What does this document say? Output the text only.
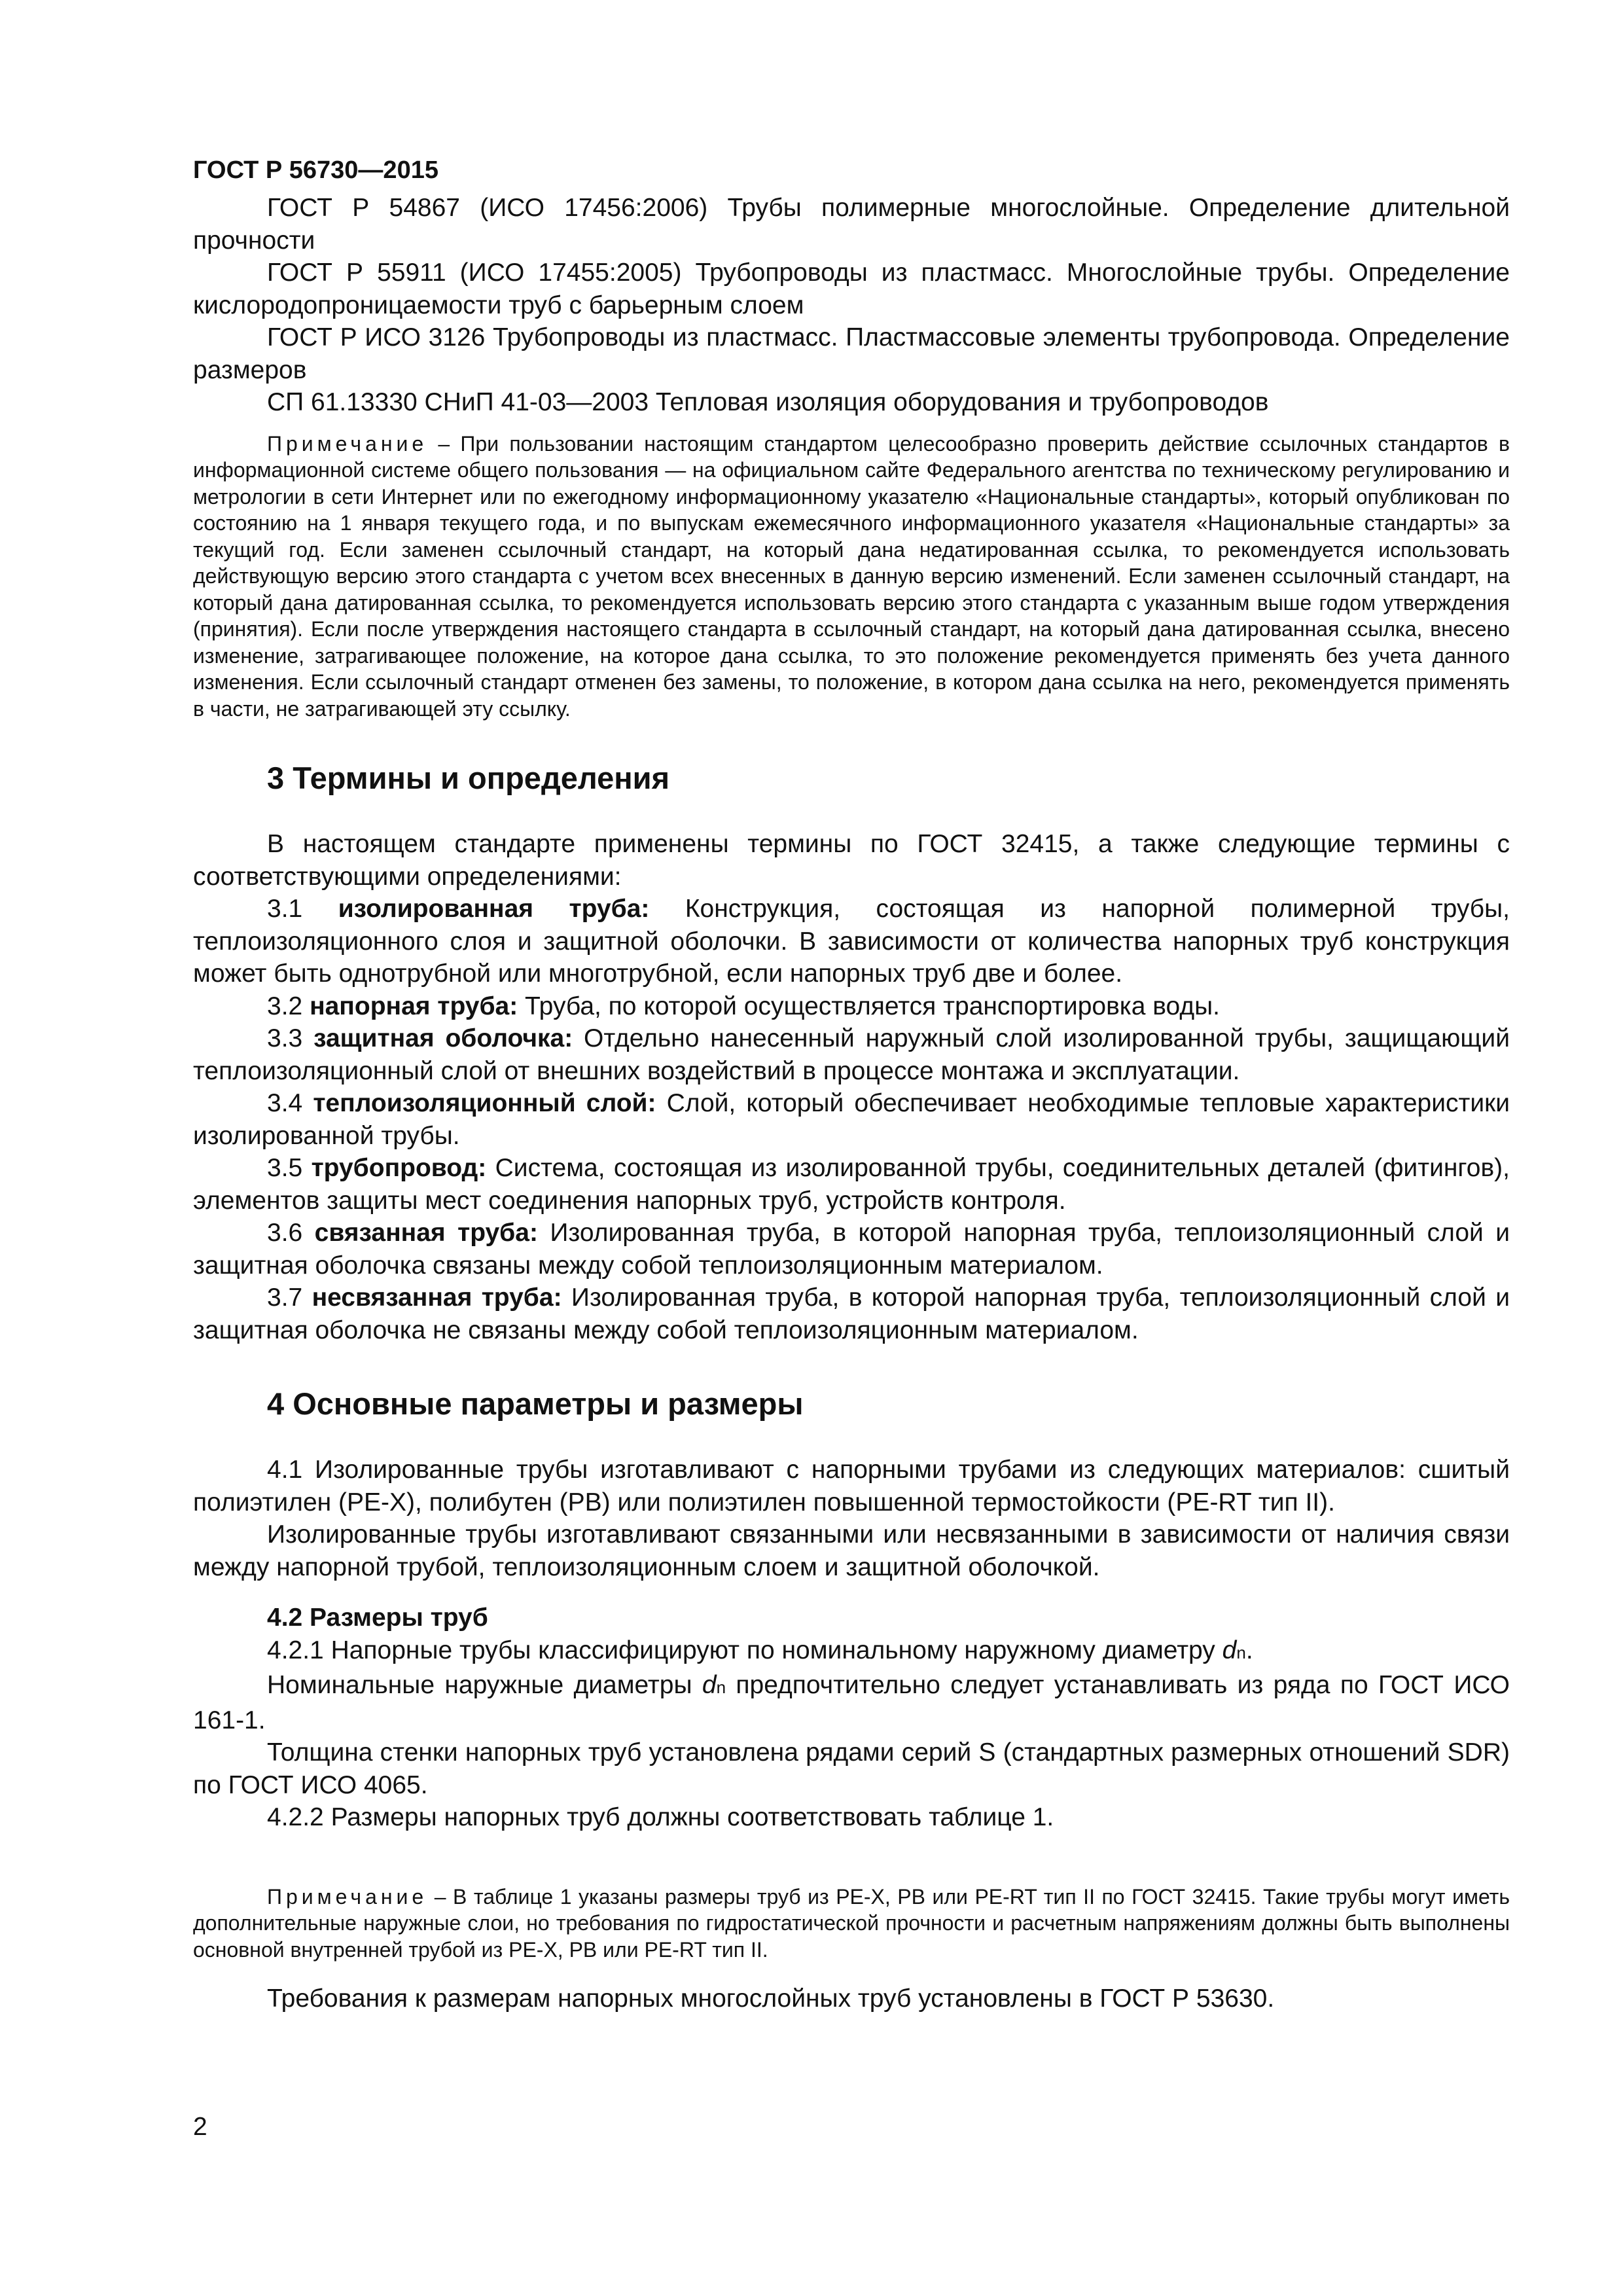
ГОСТ Р 56730—2015

ГОСТ Р 54867 (ИСО 17456:2006) Трубы полимерные многослойные. Определение длительной прочности

ГОСТ Р 55911 (ИСО 17455:2005) Трубопроводы из пластмасс. Многослойные трубы. Определение кислородопроницаемости труб с барьерным слоем

ГОСТ Р ИСО 3126 Трубопроводы из пластмасс. Пластмассовые элементы трубопровода. Определение размеров

СП 61.13330 СНиП 41-03—2003 Тепловая изоляция оборудования и трубопроводов

Примечание – При пользовании настоящим стандартом целесообразно проверить действие ссылочных стандартов в информационной системе общего пользования — на официальном сайте Федерального агентства по техническому регулированию и метрологии в сети Интернет или по ежегодному информационному указателю «Национальные стандарты», который опубликован по состоянию на 1 января текущего года, и по выпускам ежемесячного информационного указателя «Национальные стандарты» за текущий год. Если заменен ссылочный стандарт, на который дана недатированная ссылка, то рекомендуется использовать действующую версию этого стандарта с учетом всех внесенных в данную версию изменений. Если заменен ссылочный стандарт, на который дана датированная ссылка, то рекомендуется использовать версию этого стандарта с указанным выше годом утверждения (принятия). Если после утверждения настоящего стандарта в ссылочный стандарт, на который дана датированная ссылка, внесено изменение, затрагивающее положение, на которое дана ссылка, то это положение рекомендуется применять без учета данного изменения. Если ссылочный стандарт отменен без замены, то положение, в котором дана ссылка на него, рекомендуется применять в части, не затрагивающей эту ссылку.

3 Термины и определения

В настоящем стандарте применены термины по ГОСТ 32415, а также следующие термины с соответствующими определениями:

3.1 изолированная труба: Конструкция, состоящая из напорной полимерной трубы, теплоизоляционного слоя и защитной оболочки. В зависимости от количества напорных труб конструкция может быть однотрубной или многотрубной, если напорных труб две и более.

3.2 напорная труба: Труба, по которой осуществляется транспортировка воды.

3.3 защитная оболочка: Отдельно нанесенный наружный слой изолированной трубы, защищающий теплоизоляционный слой от внешних воздействий в процессе монтажа и эксплуатации.

3.4 теплоизоляционный слой: Слой, который обеспечивает необходимые тепловые характеристики изолированной трубы.

3.5 трубопровод: Система, состоящая из изолированной трубы, соединительных деталей (фитингов), элементов защиты мест соединения напорных труб, устройств контроля.

3.6 связанная труба: Изолированная труба, в которой напорная труба, теплоизоляционный слой и защитная оболочка связаны между собой теплоизоляционным материалом.

3.7 несвязанная труба: Изолированная труба, в которой напорная труба, теплоизоляционный слой и защитная оболочка не связаны между собой теплоизоляционным материалом.

4 Основные параметры и размеры

4.1 Изолированные трубы изготавливают с напорными трубами из следующих материалов: сшитый полиэтилен (PE-X), полибутен (PB) или полиэтилен повышенной термостойкости (PE-RT тип II).

Изолированные трубы изготавливают связанными или несвязанными в зависимости от наличия связи между напорной трубой, теплоизоляционным слоем и защитной оболочкой.

4.2 Размеры труб

4.2.1 Напорные трубы классифицируют по номинальному наружному диаметру dn.

Номинальные наружные диаметры dn предпочтительно следует устанавливать из ряда по ГОСТ ИСО 161-1.

Толщина стенки напорных труб установлена рядами серий S (стандартных размерных отношений SDR) по ГОСТ ИСО 4065.

4.2.2 Размеры напорных труб должны соответствовать таблице 1.

Примечание – В таблице 1 указаны размеры труб из PE-X, PB или PE-RT тип II по ГОСТ 32415. Такие трубы могут иметь дополнительные наружные слои, но требования по гидростатической прочности и расчетным напряжениям должны быть выполнены основной внутренней трубой из PE-X, PB или PE-RT тип II.

Требования к размерам напорных многослойных труб установлены в ГОСТ Р 53630.

2
